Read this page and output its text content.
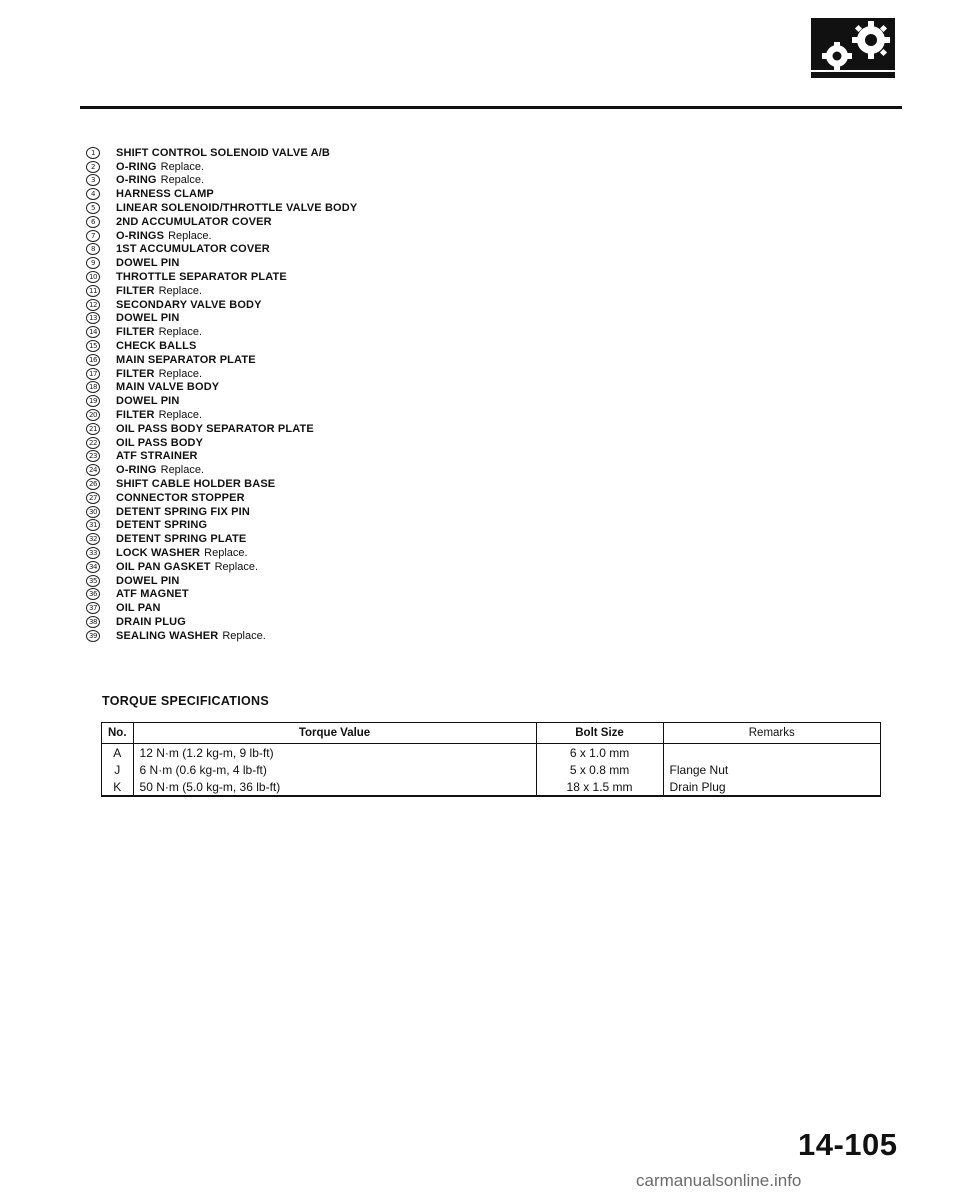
1	SHIFT CONTROL SOLENOID VALVE A/B
2	O-RING Replace.
3	O-RING Repalce.
4	HARNESS CLAMP
5	LINEAR SOLENOID/THROTTLE VALVE BODY
6	2ND ACCUMULATOR COVER
7	O-RINGS Replace.
8	1ST ACCUMULATOR COVER
9	DOWEL PIN
10 THROTTLE SEPARATOR PLATE
11 FILTER Replace.
12 SECONDARY VALVE BODY
13 DOWEL PIN
14 FILTER Replace.
15 CHECK BALLS
16 MAIN SEPARATOR PLATE
17 FILTER Replace.
18 MAIN VALVE BODY
19 DOWEL PIN
20 FILTER Replace.
21 OIL PASS BODY SEPARATOR PLATE
22 OIL PASS BODY
23 ATF STRAINER
24 O-RING Replace.
26 SHIFT CABLE HOLDER BASE
27 CONNECTOR STOPPER
30 DETENT SPRING FIX PIN
31 DETENT SPRING
32 DETENT SPRING PLATE
33 LOCK WASHER Replace.
34 OIL PAN GASKET Replace.
35 DOWEL PIN
36 ATF MAGNET
37 OIL PAN
38 DRAIN PLUG
39 SEALING WASHER Replace.
TORQUE SPECIFICATIONS
No.	Torque Value	Bolt Size	Remarks
A	12 N·m (1.2 kg-m, 9 lb-ft)	6 x 1.0 mm	
J	6 N·m (0.6 kg-m, 4 lb-ft)	5 x 0.8 mm	Flange Nut
K	50 N·m (5.0 kg-m, 36 lb-ft)	18 x 1.5 mm	Drain Plug
14-105
carmanualsonline.info
